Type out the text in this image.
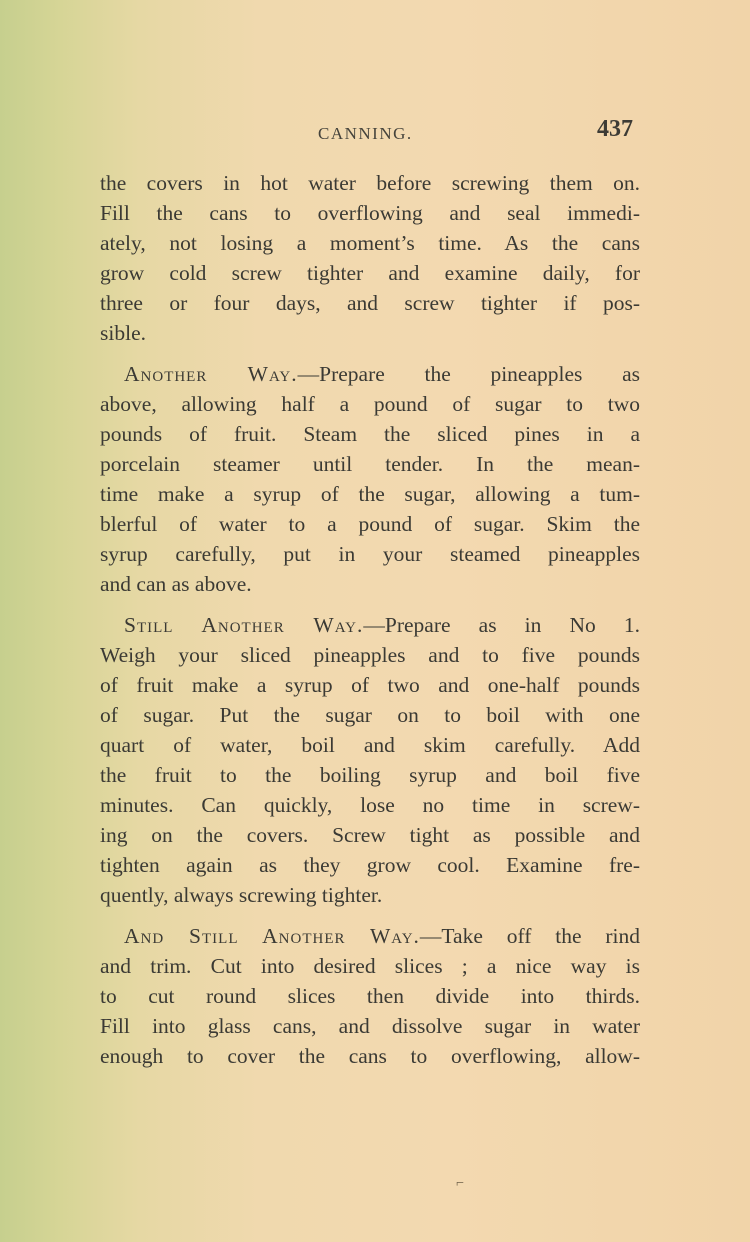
CANNING.	437
the covers in hot water before screwing them on.
Fill the cans to overflowing and seal immedi-
ately, not losing a moment’s time. As the cans
grow cold screw tighter and examine daily, for
three or four days, and screw tighter if pos-
sible.
Another Way.—Prepare the pineapples as
above, allowing half a pound of sugar to two
pounds of fruit. Steam the sliced pines in a
porcelain steamer until tender. In the mean-
time make a syrup of the sugar, allowing a tum-
blerful of water to a pound of sugar. Skim the
syrup carefully, put in your steamed pineapples
and can as above.
Still Another Way.—Prepare as in No 1.
Weigh your sliced pineapples and to five pounds
of fruit make a syrup of two and one-half pounds
of sugar. Put the sugar on to boil with one
quart of water, boil and skim carefully. Add
the fruit to the boiling syrup and boil five
minutes. Can quickly, lose no time in screw-
ing on the covers. Screw tight as possible and
tighten again as they grow cool. Examine fre-
quently, always screwing tighter.
And Still Another Way.—Take off the rind
and trim. Cut into desired slices ; a nice way is
to cut round slices then divide into thirds.
Fill into glass cans, and dissolve sugar in water
enough to cover the cans to overflowing, allow-
⌐
